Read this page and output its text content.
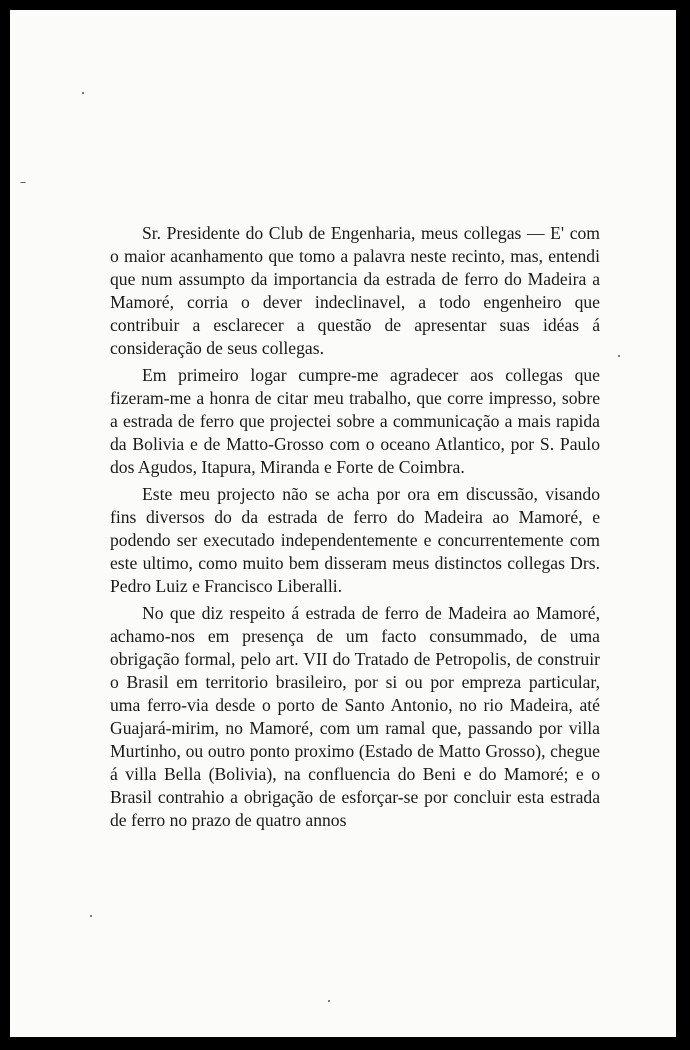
Sr. Presidente do Club de Engenharia, meus collegas — E' com o maior acanhamento que tomo a palavra neste recinto, mas, entendi que num assumpto da importancia da estrada de ferro do Madeira a Mamoré, corria o dever indeclinavel, a todo engenheiro que contribuir a esclarecer a questão de apresentar suas idéas á consideração de seus collegas.

Em primeiro logar cumpre-me agradecer aos collegas que fizeram-me a honra de citar meu trabalho, que corre impresso, sobre a estrada de ferro que projectei sobre a communicação a mais rapida da Bolivia e de Matto-Grosso com o oceano Atlantico, por S. Paulo dos Agudos, Itapura, Miranda e Forte de Coimbra.

Este meu projecto não se acha por ora em discussão, visando fins diversos do da estrada de ferro do Madeira ao Mamoré, e podendo ser executado independentemente e concurrentemente com este ultimo, como muito bem disseram meus distinctos collegas Drs. Pedro Luiz e Francisco Liberalli.

No que diz respeito á estrada de ferro de Madeira ao Mamoré, achamo-nos em presença de um facto consummado, de uma obrigação formal, pelo art. VII do Tratado de Petropolis, de construir o Brasil em territorio brasileiro, por si ou por empreza particular, uma ferro-via desde o porto de Santo Antonio, no rio Madeira, até Guajará-mirim, no Mamoré, com um ramal que, passando por villa Murtinho, ou outro ponto proximo (Estado de Matto Grosso), chegue á villa Bella (Bolivia), na confluencia do Beni e do Mamoré; e o Brasil contrahio a obrigação de esforçar-se por concluir esta estrada de ferro no prazo de quatro annos
